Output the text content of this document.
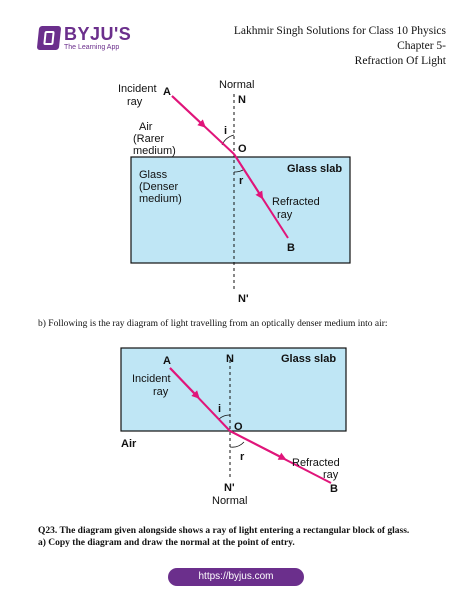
BYJU'S
The Learning App
Lakhmir Singh Solutions for Class 10 Physics Chapter 5-
Refraction Of Light
Incident
ray
A
Normal
N
Air
(Rarer
medium)
i
O
Glass slab
Glass
(Denser
medium)
r
Refracted
ray
B
N'
A	N	Glass slab
Incident
ray
i
O
Air
r	Refracted
ray
B
N'
Normal
b) Following is the ray diagram of light travelling from an optically denser medium into air:
Q23. The diagram given alongside shows a ray of light entering a rectangular block of glass.
a) Copy the diagram and draw the normal at the point of entry.
https://byjus.com
